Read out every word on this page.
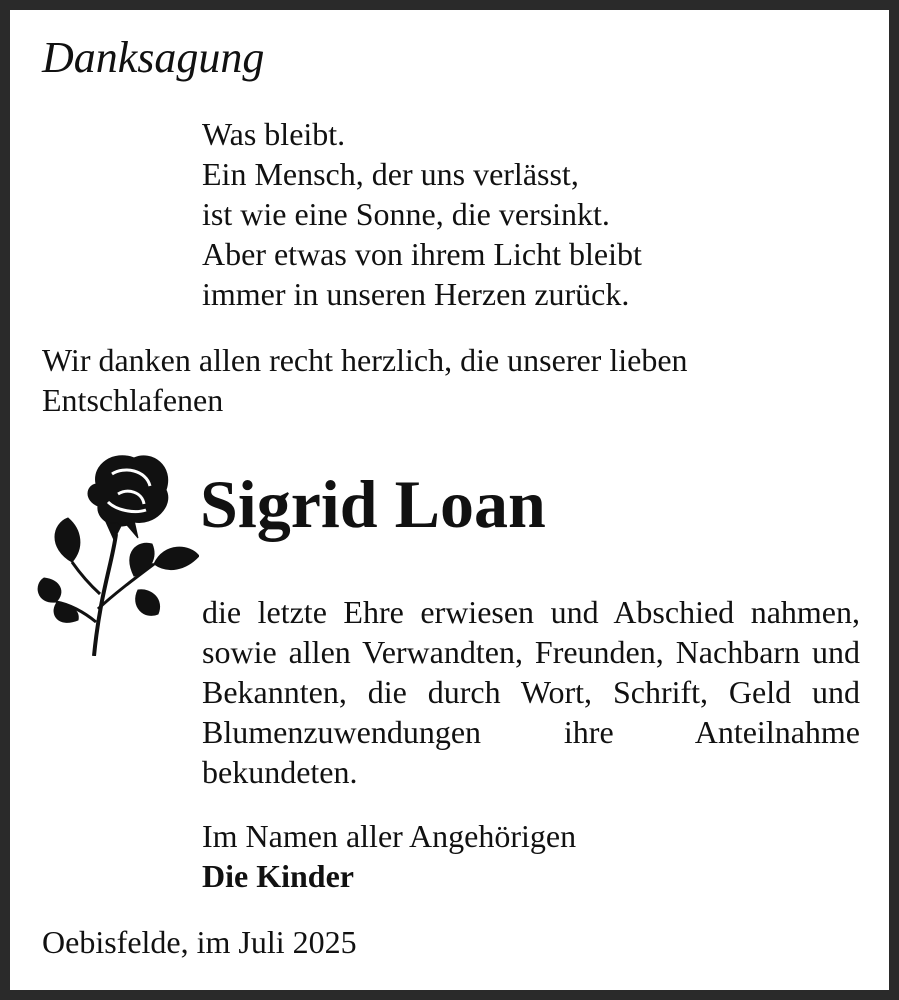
Danksagung
Was bleibt.
Ein Mensch, der uns verlässt,
ist wie eine Sonne, die versinkt.
Aber etwas von ihrem Licht bleibt
immer in unseren Herzen zurück.
Wir danken allen recht herzlich, die unserer lieben Entschlafenen
Sigrid Loan
die letzte Ehre erwiesen und Abschied nahmen, sowie allen Verwandten, Freunden, Nachbarn und Bekannten, die durch Wort, Schrift, Geld und Blumenzuwendungen ihre Anteilnahme bekundeten.
Im Namen aller Angehörigen
Die Kinder
Oebisfelde, im Juli 2025
